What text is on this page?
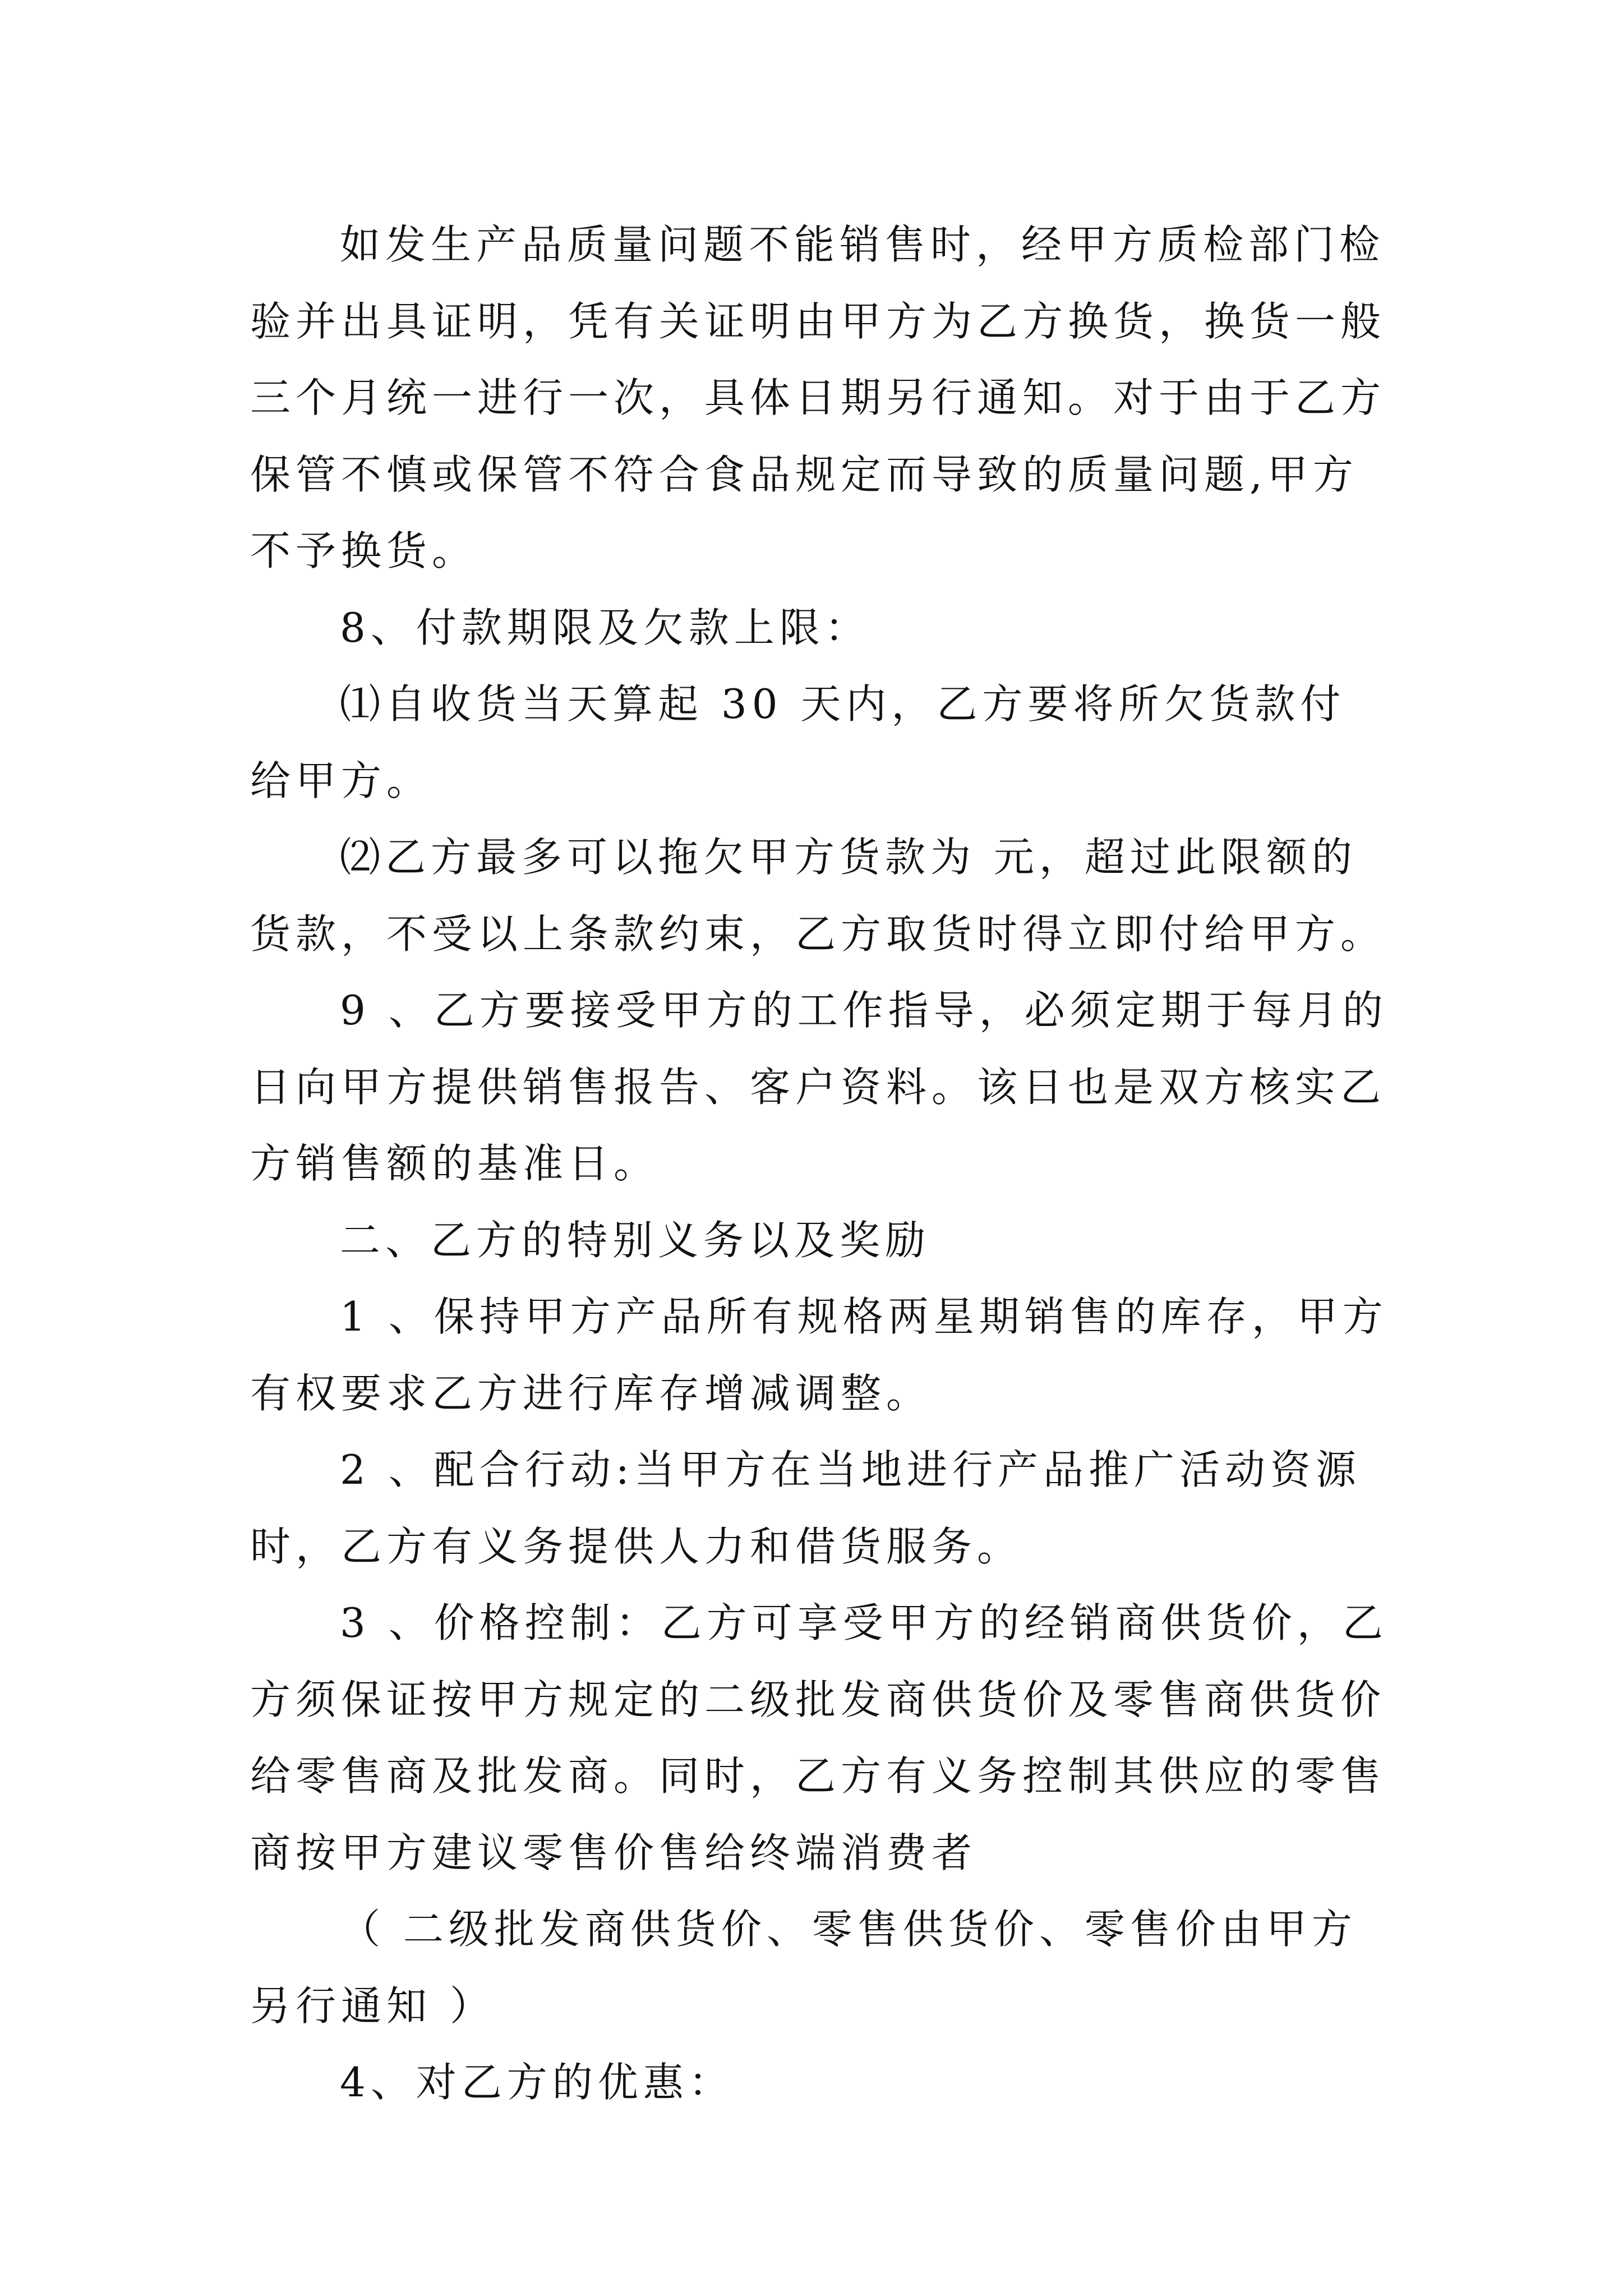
如发生产品质量问题不能销售时，经甲方质检部门检验并出具证明，凭有关证明由甲方为乙方换货，换货一般三个月统一进行一次，具体日期另行通知。对于由于乙方保管不慎或保管不符合食品规定而导致的质量问题,甲方不予换货。

8、付款期限及欠款上限：

⑴自收货当天算起 30 天内，乙方要将所欠货款付给甲方。

⑵乙方最多可以拖欠甲方货款为 元，超过此限额的货款，不受以上条款约束，乙方取货时得立即付给甲方。

9 、乙方要接受甲方的工作指导，必须定期于每月的日向甲方提供销售报告、客户资料。该日也是双方核实乙方销售额的基准日。

二、乙方的特别义务以及奖励

1 、保持甲方产品所有规格两星期销售的库存，甲方有权要求乙方进行库存增减调整。

2 、配合行动:当甲方在当地进行产品推广活动资源时，乙方有义务提供人力和借货服务。

3 、价格控制：乙方可享受甲方的经销商供货价，乙方须保证按甲方规定的二级批发商供货价及零售商供货价给零售商及批发商。同时，乙方有义务控制其供应的零售商按甲方建议零售价售给终端消费者

（ 二级批发商供货价、零售供货价、零售价由甲方另行通知 ）

4、对乙方的优惠：
